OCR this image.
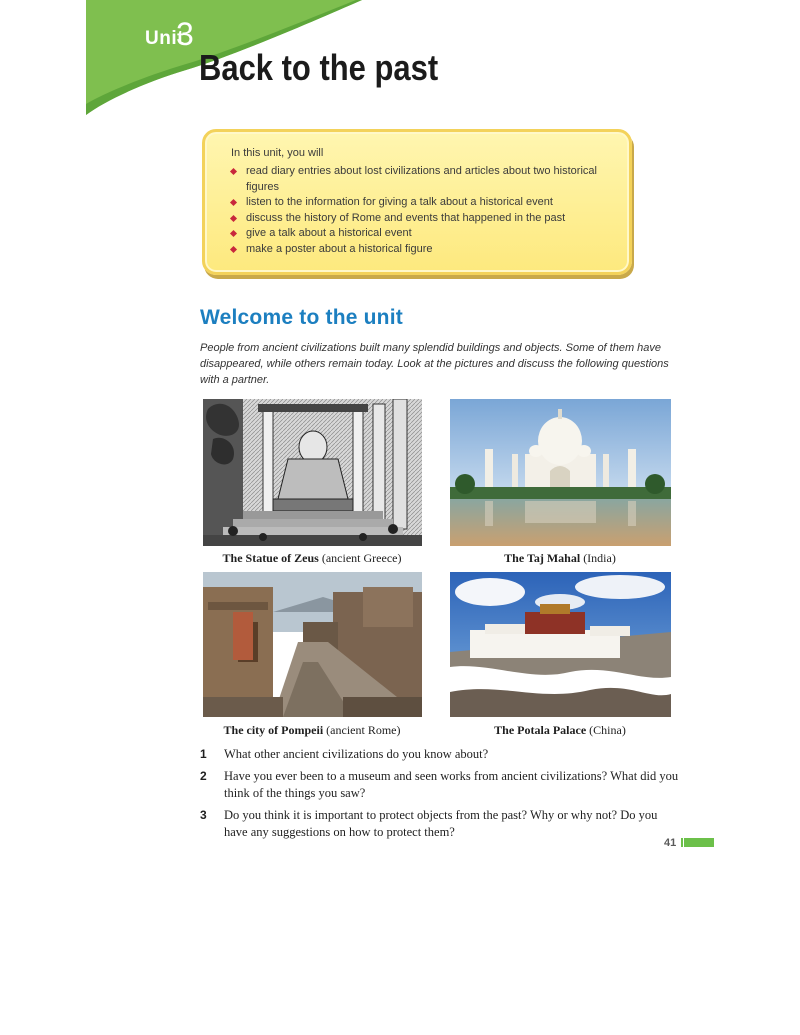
Unit
3
Back to the past
In this unit, you will
read diary entries about lost civilizations and articles about two historical figures
listen to the information for giving a talk about a historical event
discuss the history of Rome and events that happened in the past
give a talk about a historical event
make a poster about a historical figure
Welcome to the unit
People from ancient civilizations built many splendid buildings and objects. Some of them have disappeared, while others remain today. Look at the pictures and discuss the following questions with a partner.
The Statue of Zeus (ancient Greece)	The Taj Mahal (India)
The city of Pompeii (ancient Rome)	The Potala Palace (China)
1 What other ancient civilizations do you know about?
2 Have you ever been to a museum and seen works from ancient civilizations? What did you think of the things you saw?
3 Do you think it is important to protect objects from the past? Why or why not? Do you have any suggestions on how to protect them?
41
